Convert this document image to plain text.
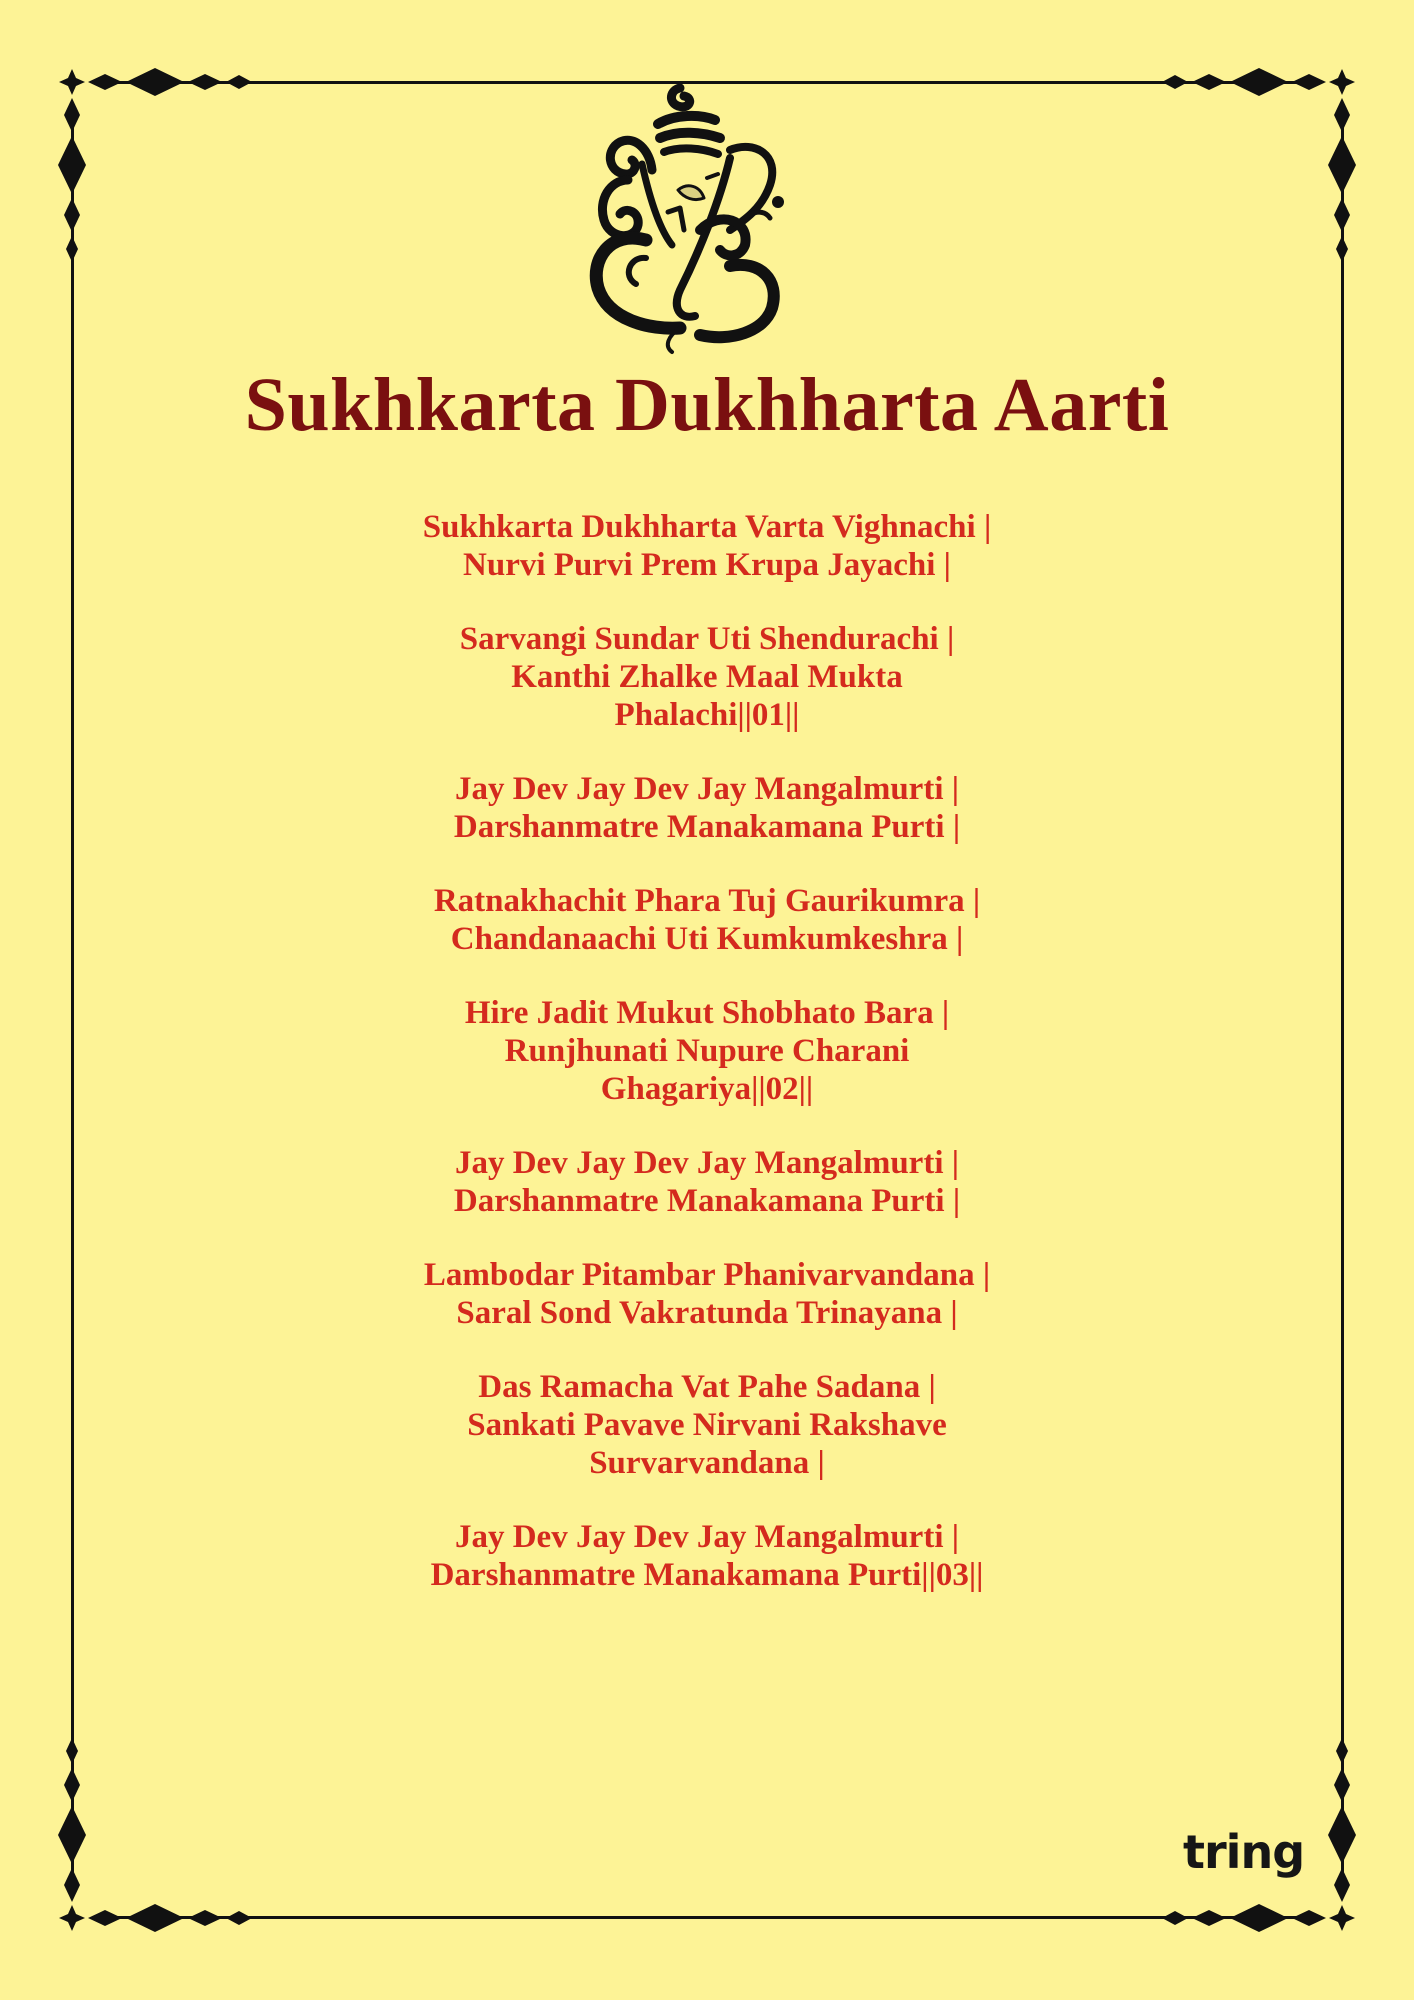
Sukhkarta Dukhharta Aarti
Sukhkarta Dukhharta Varta Vighnachi |
Nurvi Purvi Prem Krupa Jayachi |
Sarvangi Sundar Uti Shendurachi |
Kanthi Zhalke Maal Mukta
Phalachi||01||
Jay Dev Jay Dev Jay Mangalmurti |
Darshanmatre Manakamana Purti |
Ratnakhachit Phara Tuj Gaurikumra |
Chandanaachi Uti Kumkumkeshra |
Hire Jadit Mukut Shobhato Bara |
Runjhunati Nupure Charani
Ghagariya||02||
Jay Dev Jay Dev Jay Mangalmurti |
Darshanmatre Manakamana Purti |
Lambodar Pitambar Phanivarvandana |
Saral Sond Vakratunda Trinayana |
Das Ramacha Vat Pahe Sadana |
Sankati Pavave Nirvani Rakshave
Survarvandana |
Jay Dev Jay Dev Jay Mangalmurti |
Darshanmatre Manakamana Purti||03||
tring
